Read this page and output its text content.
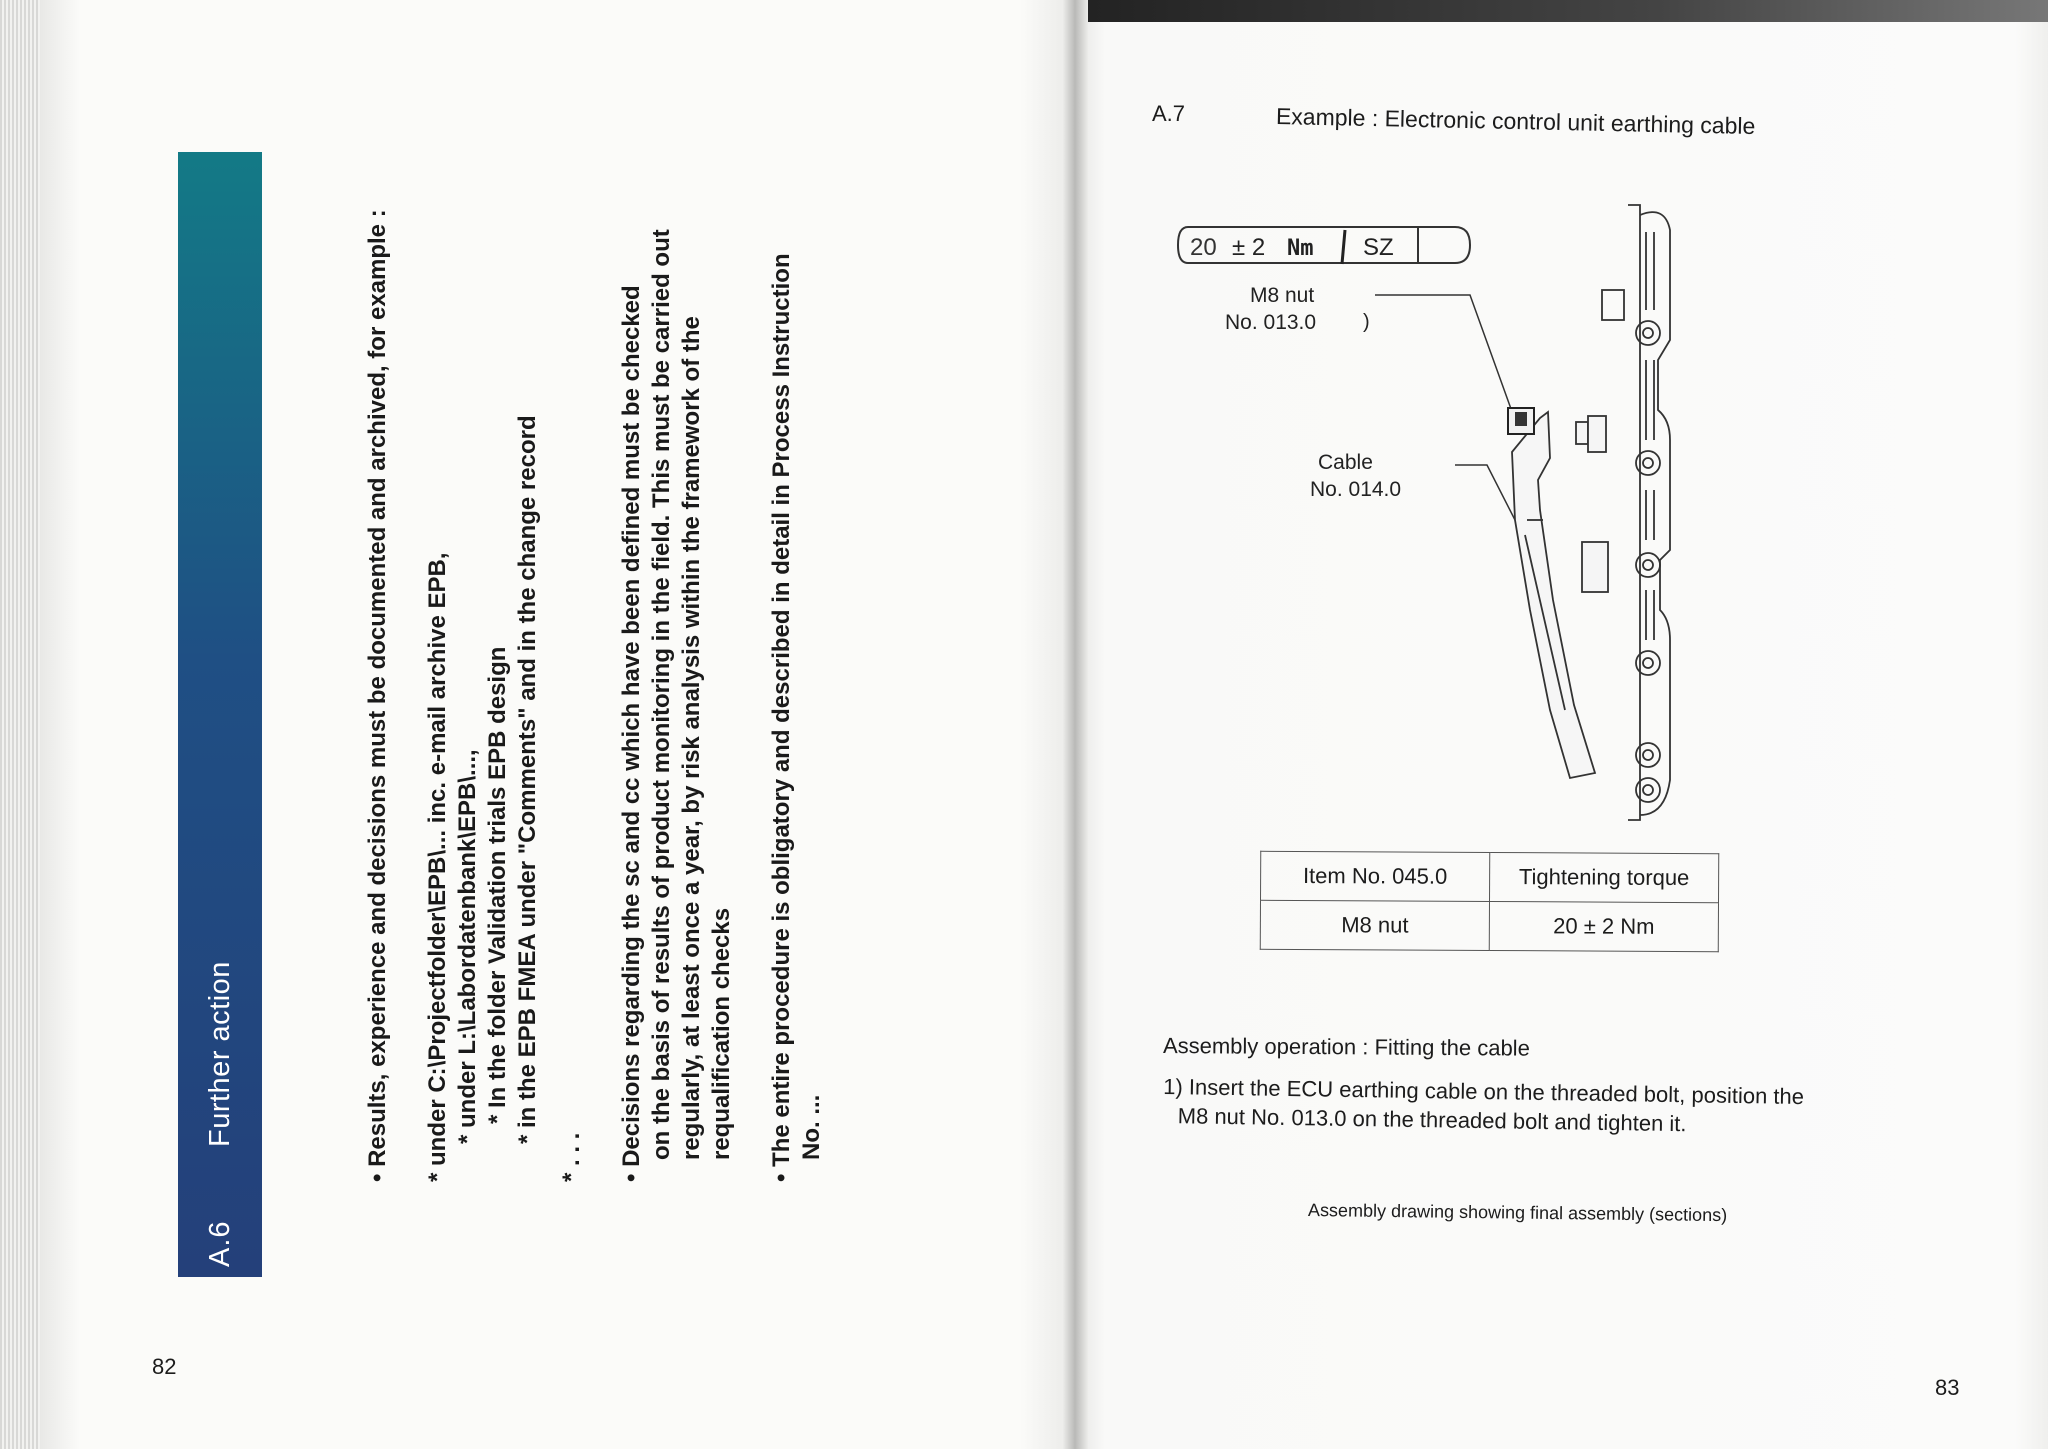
A.6
Further action	• Results, experience and decisions must be documented and archived, for example : * under C:\Projectfolder\EPB\... inc. e-mail archive EPB, * under L:\Labordatenbank\EPB\..., * In the folder Validation trials EPB design * in the EPB FMEA under "Comments" and in the change record

* . . . • Decisions regarding the sc and cc which have been defined must be checked on the basis of results of product monitoring in the field. This must be carried out regularly, at least once a year, by risk analysis within the framework of the requalification checks • The entire procedure is obligatory and described in detail in Process Instruction No. ...

82
A.7	Example : Electronic control unit earthing cable
20 ± 2 Nm SZ
M8 nut
No. 013.0 )
Cable
No. 014.0
Item No. 045.0	Tightening torque
M8 nut	20 ± 2 Nm
Assembly operation : Fitting the cable
1) Insert the ECU earthing cable on the threaded bolt, position the
M8 nut No. 013.0 on the threaded bolt and tighten it.
Assembly drawing showing final assembly (sections)
83
